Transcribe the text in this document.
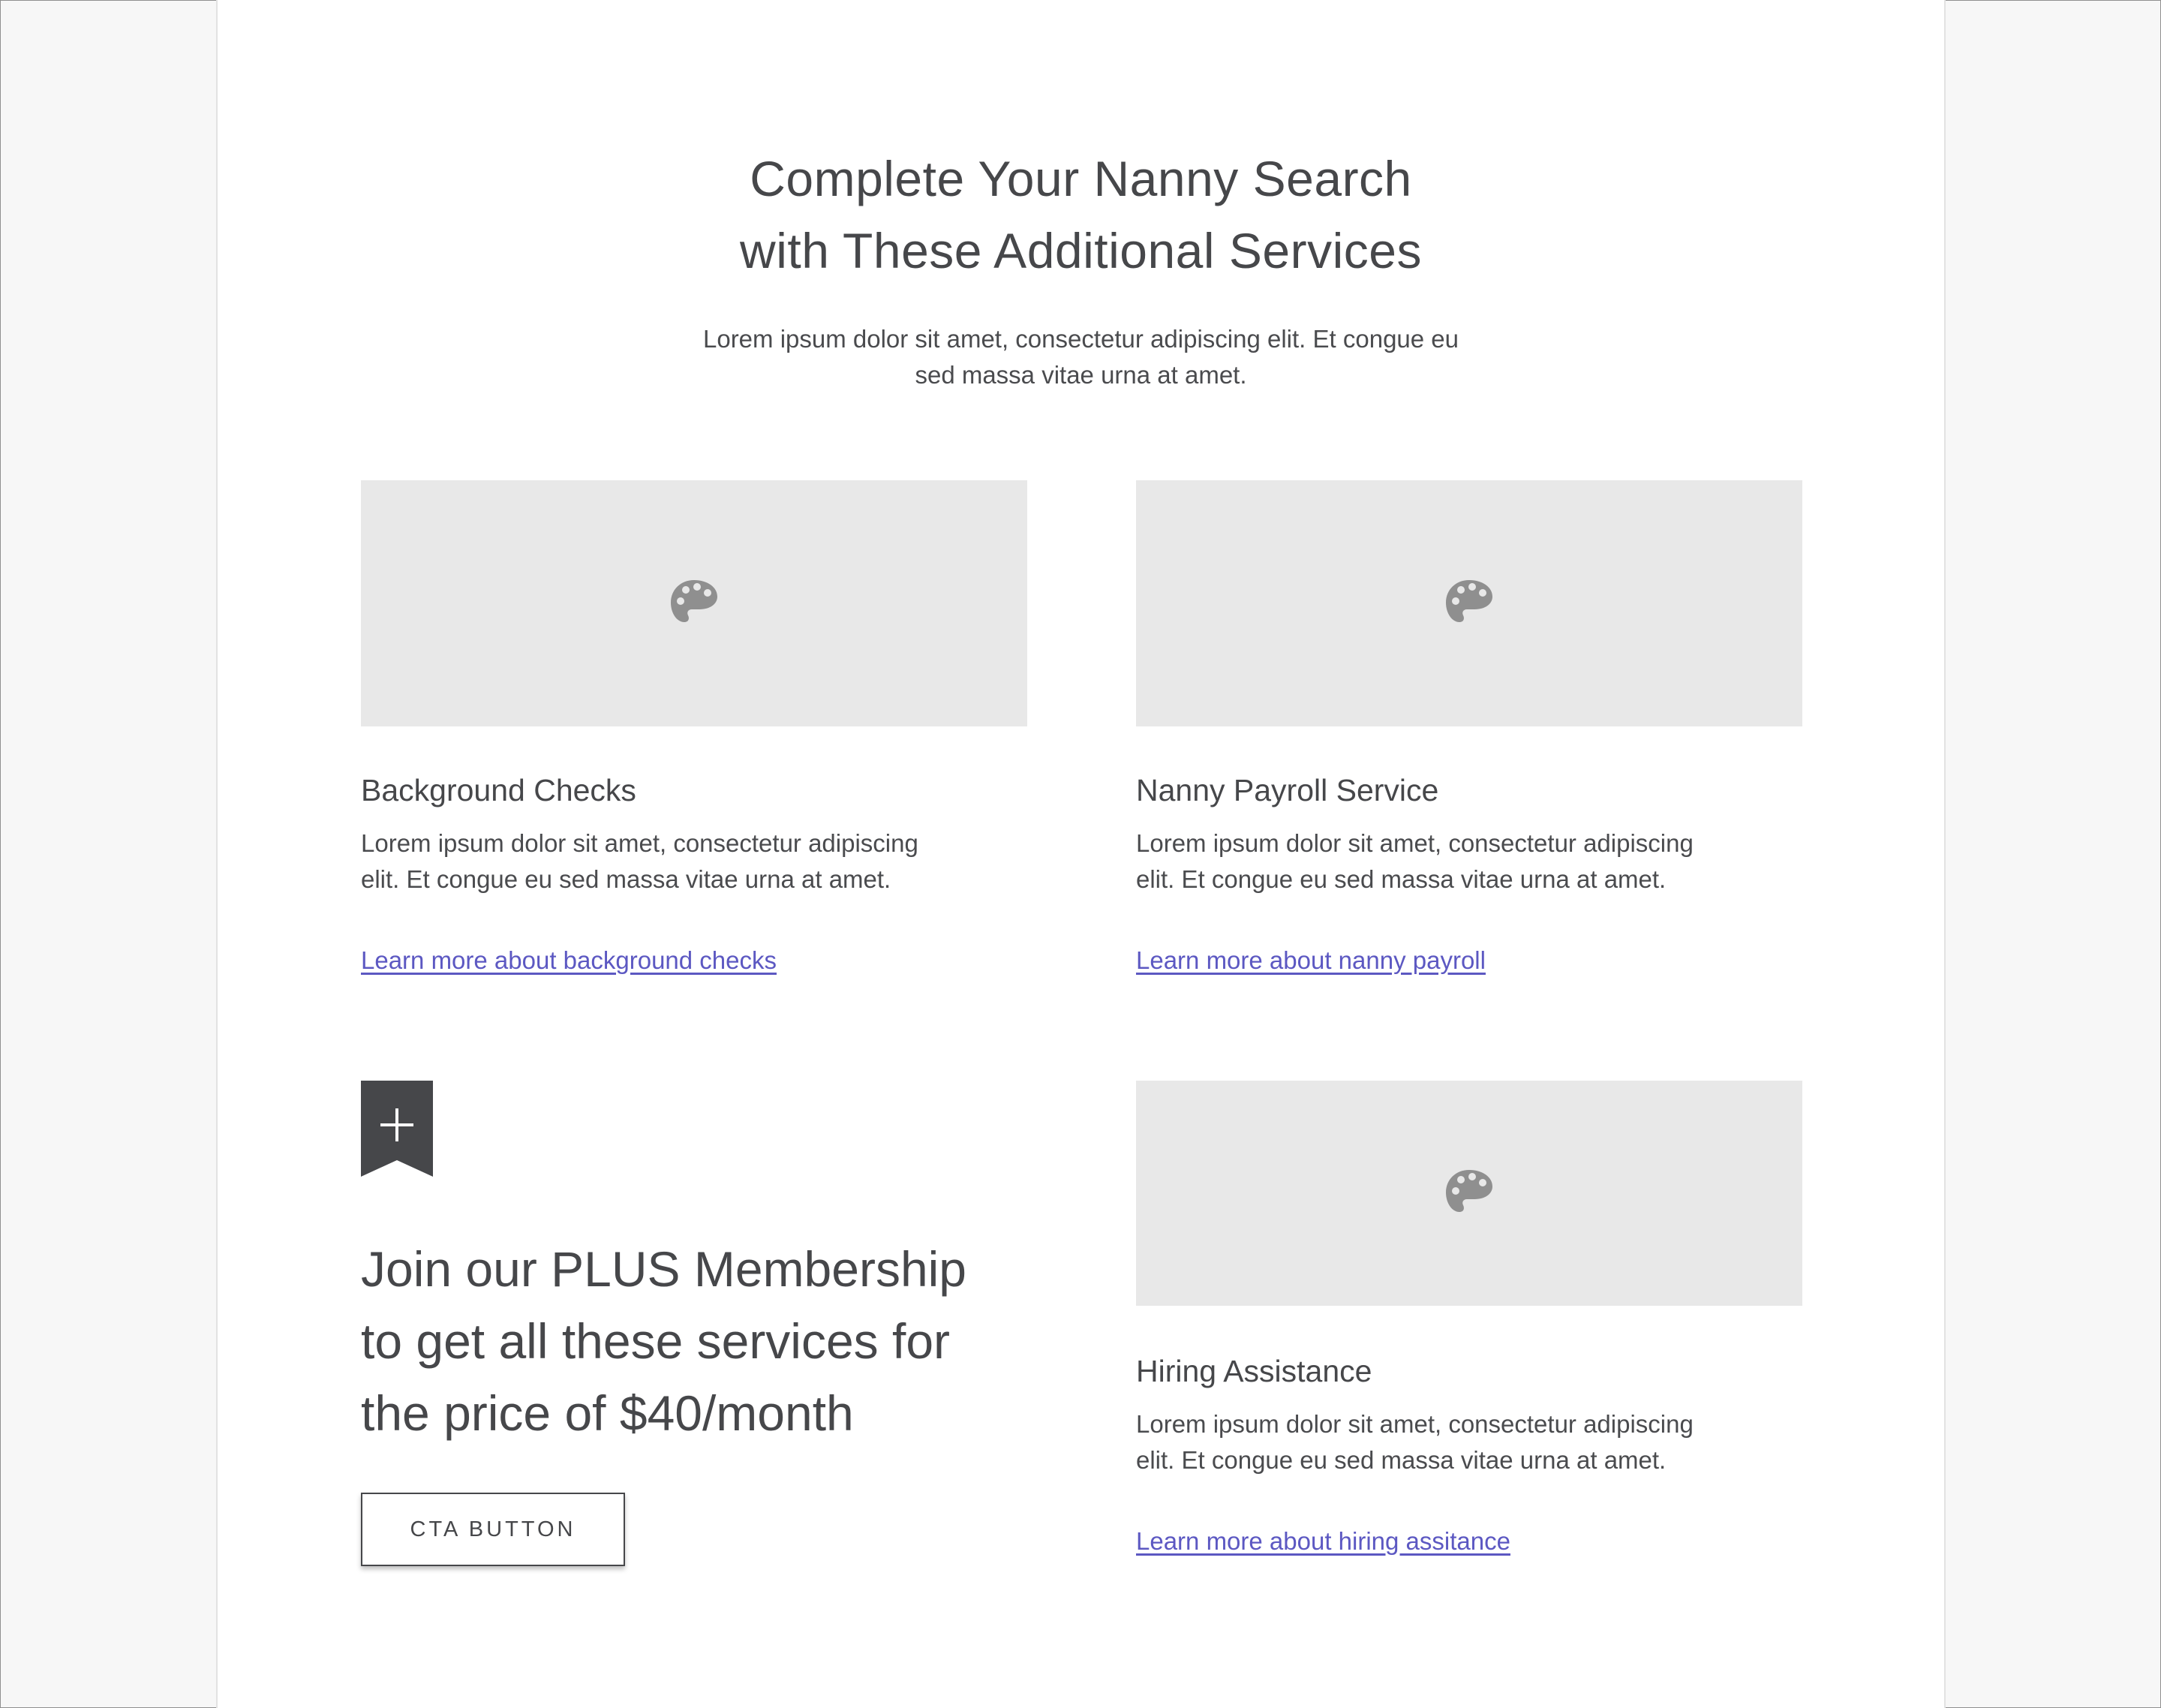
Complete Your Nanny Search
with These Additional Services

Lorem ipsum dolor sit amet, consectetur adipiscing elit. Et congue eu
sed massa vitae urna at amet.

Background Checks

Lorem ipsum dolor sit amet, consectetur adipiscing
elit. Et congue eu sed massa vitae urna at amet.

Learn more about background checks
Nanny Payroll Service

Lorem ipsum dolor sit amet, consectetur adipiscing
elit. Et congue eu sed massa vitae urna at amet.

Learn more about nanny payroll
Join our PLUS Membership
to get all these services for
the price of $40/month
CTA BUTTON
Hiring Assistance

Lorem ipsum dolor sit amet, consectetur adipiscing
elit. Et congue eu sed massa vitae urna at amet.

Learn more about hiring assitance
